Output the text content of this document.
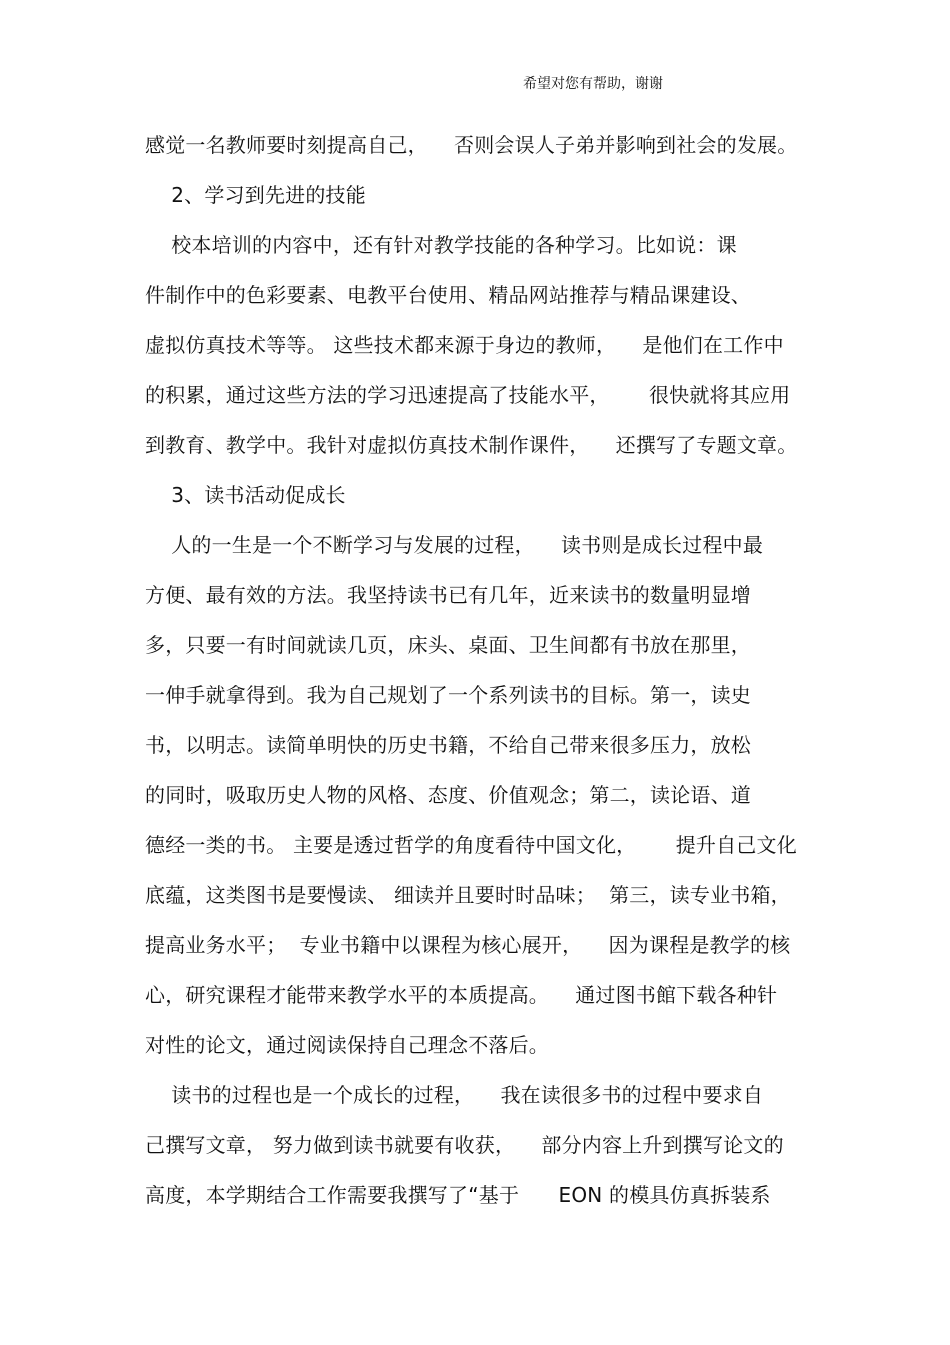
希望对您有帮助，谢谢
感觉一名教师要时刻提高自己，    否则会误人子弟并影响到社会的发展。
2、学习到先进的技能
校本培训的内容中，还有针对教学技能的各种学习。比如说：课
件制作中的色彩要素、电教平台使用、精品网站推荐与精品课建设、
虚拟仿真技术等等。 这些技术都来源于身边的教师，    是他们在工作中
的积累，通过这些方法的学习迅速提高了技能水平，      很快就将其应用
到教育、教学中。我针对虚拟仿真技术制作课件，    还撰写了专题文章。
3、读书活动促成长
人的一生是一个不断学习与发展的过程，    读书则是成长过程中最
方便、最有效的方法。我坚持读书已有几年，近来读书的数量明显增
多，只要一有时间就读几页，床头、桌面、卫生间都有书放在那里，
一伸手就拿得到。我为自己规划了一个系列读书的目标。第一，读史
书，以明志。读简单明快的历史书籍，不给自己带来很多压力，放松
的同时，吸取历史人物的风格、态度、价值观念；第二，读论语、道
德经一类的书。 主要是透过哲学的角度看待中国文化，      提升自己文化
底蕴，这类图书是要慢读、 细读并且要时时品味；  第三，读专业书箱，
提高业务水平；  专业书籍中以课程为核心展开，    因为课程是教学的核
心，研究课程才能带来教学水平的本质提高。    通过图书館下载各种针
对性的论文，通过阅读保持自己理念不落后。
读书的过程也是一个成长的过程，    我在读很多书的过程中要求自
己撰写文章， 努力做到读书就要有收获，    部分内容上升到撰写论文的
高度，本学期结合工作需要我撰写了“基于      EON 的模具仿真拆装系
